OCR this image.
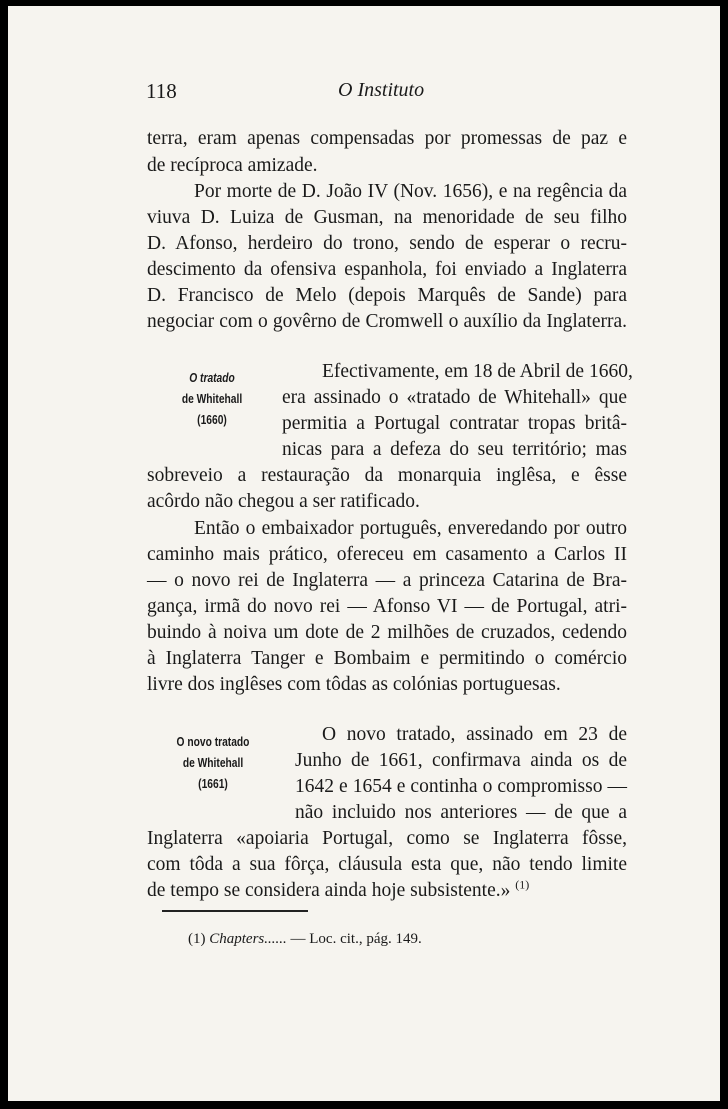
118	O Instituto
terra, eram apenas compensadas por promessas de paz e
de recíproca amizade.
Por morte de D. João IV (Nov. 1656), e na regência da
viuva D. Luiza de Gusman, na menoridade de seu filho
D. Afonso, herdeiro do trono, sendo de esperar o recru-
descimento da ofensiva espanhola, foi enviado a Inglaterra
D. Francisco de Melo (depois Marquês de Sande) para
negociar com o govêrno de Cromwell o auxílio da Inglaterra.
O tratado
de Whitehall
(1660)
Efectivamente, em 18 de Abril de 1660,
era assinado o «tratado de Whitehall» que
permitia a Portugal contratar tropas britâ-
nicas para a defeza do seu território; mas
sobreveio a restauração da monarquia inglêsa, e êsse
acôrdo não chegou a ser ratificado.
Então o embaixador português, enveredando por outro
caminho mais prático, ofereceu em casamento a Carlos II
— o novo rei de Inglaterra — a princeza Catarina de Bra-
gança, irmã do novo rei — Afonso VI — de Portugal, atri-
buindo à noiva um dote de 2 milhões de cruzados, cedendo
à Inglaterra Tanger e Bombaim e permitindo o comércio
livre dos inglêses com tôdas as colónias portuguesas.
O novo tratado
de Whitehall
(1661)
O novo tratado, assinado em 23 de
Junho de 1661, confirmava ainda os de
1642 e 1654 e continha o compromisso —
não incluido nos anteriores — de que a
Inglaterra «apoiaria Portugal, como se Inglaterra fôsse,
com tôda a sua fôrça, cláusula esta que, não tendo limite
de tempo se considera ainda hoje subsistente.» $^{(1)}$
(1) Chapters...... — Loc. cit., pág. 149.
